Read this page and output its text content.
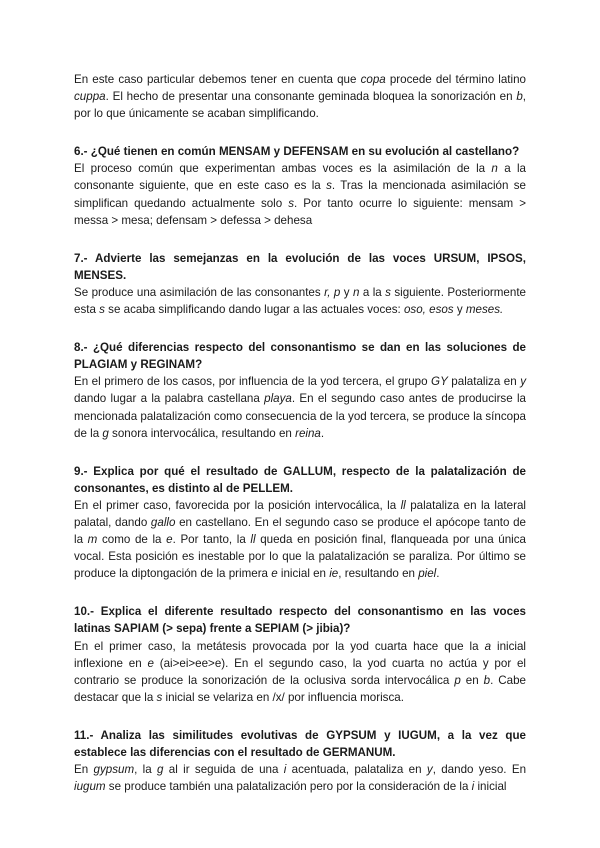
En este caso particular debemos tener en cuenta que copa procede del término latino cuppa. El hecho de presentar una consonante geminada bloquea la sonorización en b, por lo que únicamente se acaban simplificando.

6.- ¿Qué tienen en común MENSAM y DEFENSAM en su evolución al castellano?

El proceso común que experimentan ambas voces es la asimilación de la n a la consonante siguiente, que en este caso es la s. Tras la mencionada asimilación se simplifican quedando actualmente solo s. Por tanto ocurre lo siguiente: mensam > messa > mesa; defensam > defessa > dehesa

7.- Advierte las semejanzas en la evolución de las voces URSUM, IPSOS, MENSES.

Se produce una asimilación de las consonantes r, p y n a la s siguiente. Posteriormente esta s se acaba simplificando dando lugar a las actuales voces: oso, esos y meses.

8.- ¿Qué diferencias respecto del consonantismo se dan en las soluciones de PLAGIAM y REGINAM?

En el primero de los casos, por influencia de la yod tercera, el grupo GY palataliza en y dando lugar a la palabra castellana playa. En el segundo caso antes de producirse la mencionada palatalización como consecuencia de la yod tercera, se produce la síncopa de la g sonora intervocálica, resultando en reina.

9.- Explica por qué el resultado de GALLUM, respecto de la palatalización de consonantes, es distinto al de PELLEM.

En el primer caso, favorecida por la posición intervocálica, la ll palataliza en la lateral palatal, dando gallo en castellano. En el segundo caso se produce el apócope tanto de la m como de la e. Por tanto, la ll queda en posición final, flanqueada por una única vocal. Esta posición es inestable por lo que la palatalización se paraliza. Por último se produce la diptongación de la primera e inicial en ie, resultando en piel.

10.- Explica el diferente resultado respecto del consonantismo en las voces latinas SAPIAM (> sepa) frente a SEPIAM (> jibia)?

En el primer caso, la metátesis provocada por la yod cuarta hace que la a inicial inflexione en e (ai>ei>ee>e). En el segundo caso, la yod cuarta no actúa y por el contrario se produce la sonorización de la oclusiva sorda intervocálica p en b. Cabe destacar que la s inicial se velariza en /x/ por influencia morisca.

11.- Analiza las similitudes evolutivas de GYPSUM y IUGUM, a la vez que establece las diferencias con el resultado de GERMANUM.

En gypsum, la g al ir seguida de una i acentuada, palataliza en y, dando yeso. En iugum se produce también una palatalización pero por la consideración de la i inicial
